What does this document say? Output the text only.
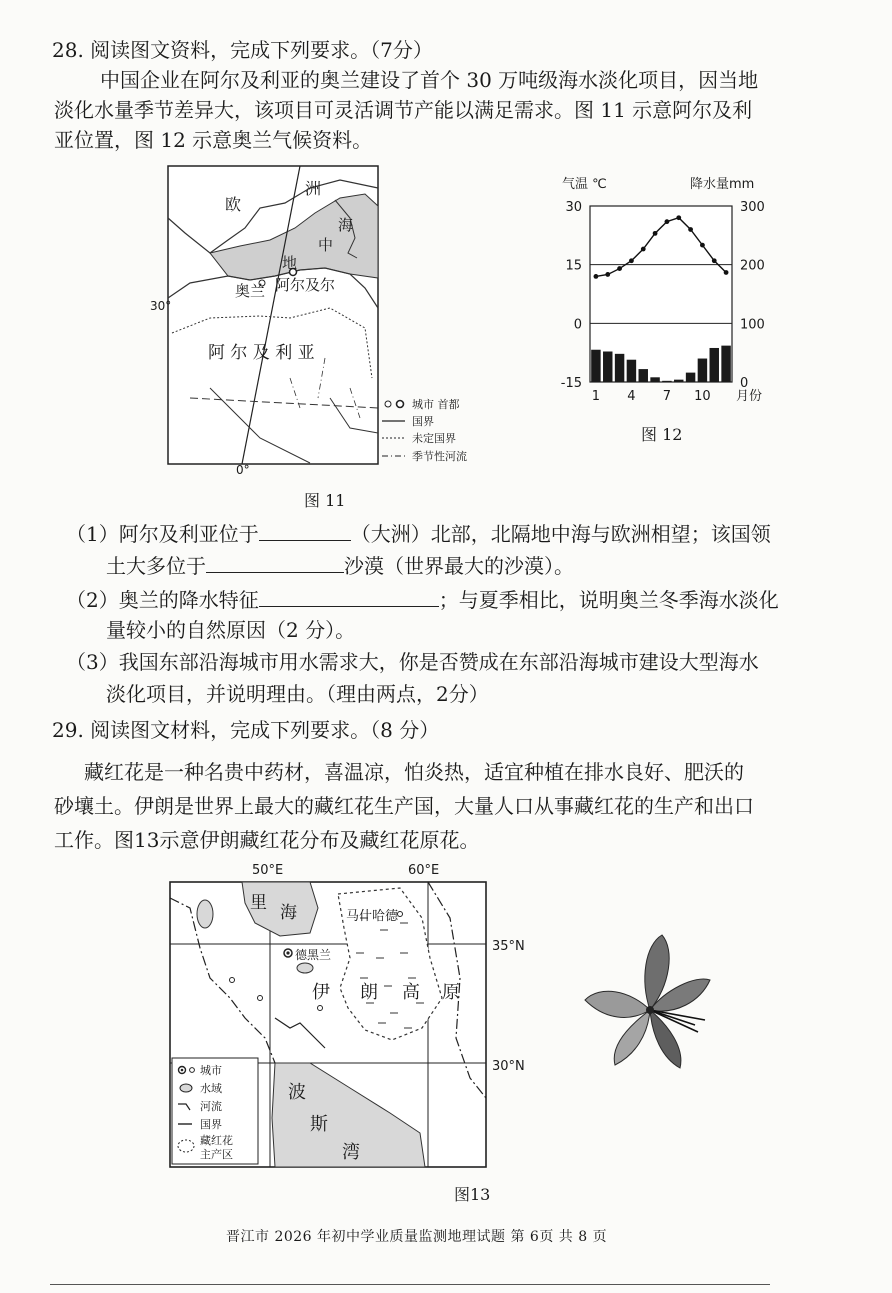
28. 阅读图文资料，完成下列要求。（7分）
中国企业在阿尔及利亚的奥兰建设了首个 30 万吨级海水淡化项目，因当地
淡化水量季节差异大，该项目可灵活调节产能以满足需求。图 11 示意阿尔及利
亚位置，图 12 示意奥兰气候资料。
欧
洲
地
中
海
奥兰 阿尔及尔
阿 尔 及 利 亚
30°
0°
城市 首都
国界
未定国界
季节性河流
图 11
气温 ℃	降水量mm
30
15
0
-15
300
200
100
0
1 4 7 10 月份
图 12
（1）阿尔及利亚位于	（大洲）北部，北隔地中海与欧洲相望；该国领
土大多位于	沙漠（世界最大的沙漠）。
（2）奥兰的降水特征	；与夏季相比，说明奥兰冬季海水淡化
量较小的自然原因（2 分）。
（3）我国东部沿海城市用水需求大，你是否赞成在东部沿海城市建设大型海水
淡化项目，并说明理由。（理由两点，2分）
29. 阅读图文材料，完成下列要求。（8 分）
藏红花是一种名贵中药材，喜温凉，怕炎热，适宜种植在排水良好、肥沃的
砂壤土。伊朗是世界上最大的藏红花生产国，大量人口从事藏红花的生产和出口
工作。图13示意伊朗藏红花分布及藏红花原花。
50°E	60°E
35°N
30°N
里 海	马什哈德
德黑兰
伊 朗 高 原
波
斯
湾
城市
水域
河流
国界
藏红花
主产区
图13
晋江市 2026 年初中学业质量监测地理试题 第 6页 共 8 页
